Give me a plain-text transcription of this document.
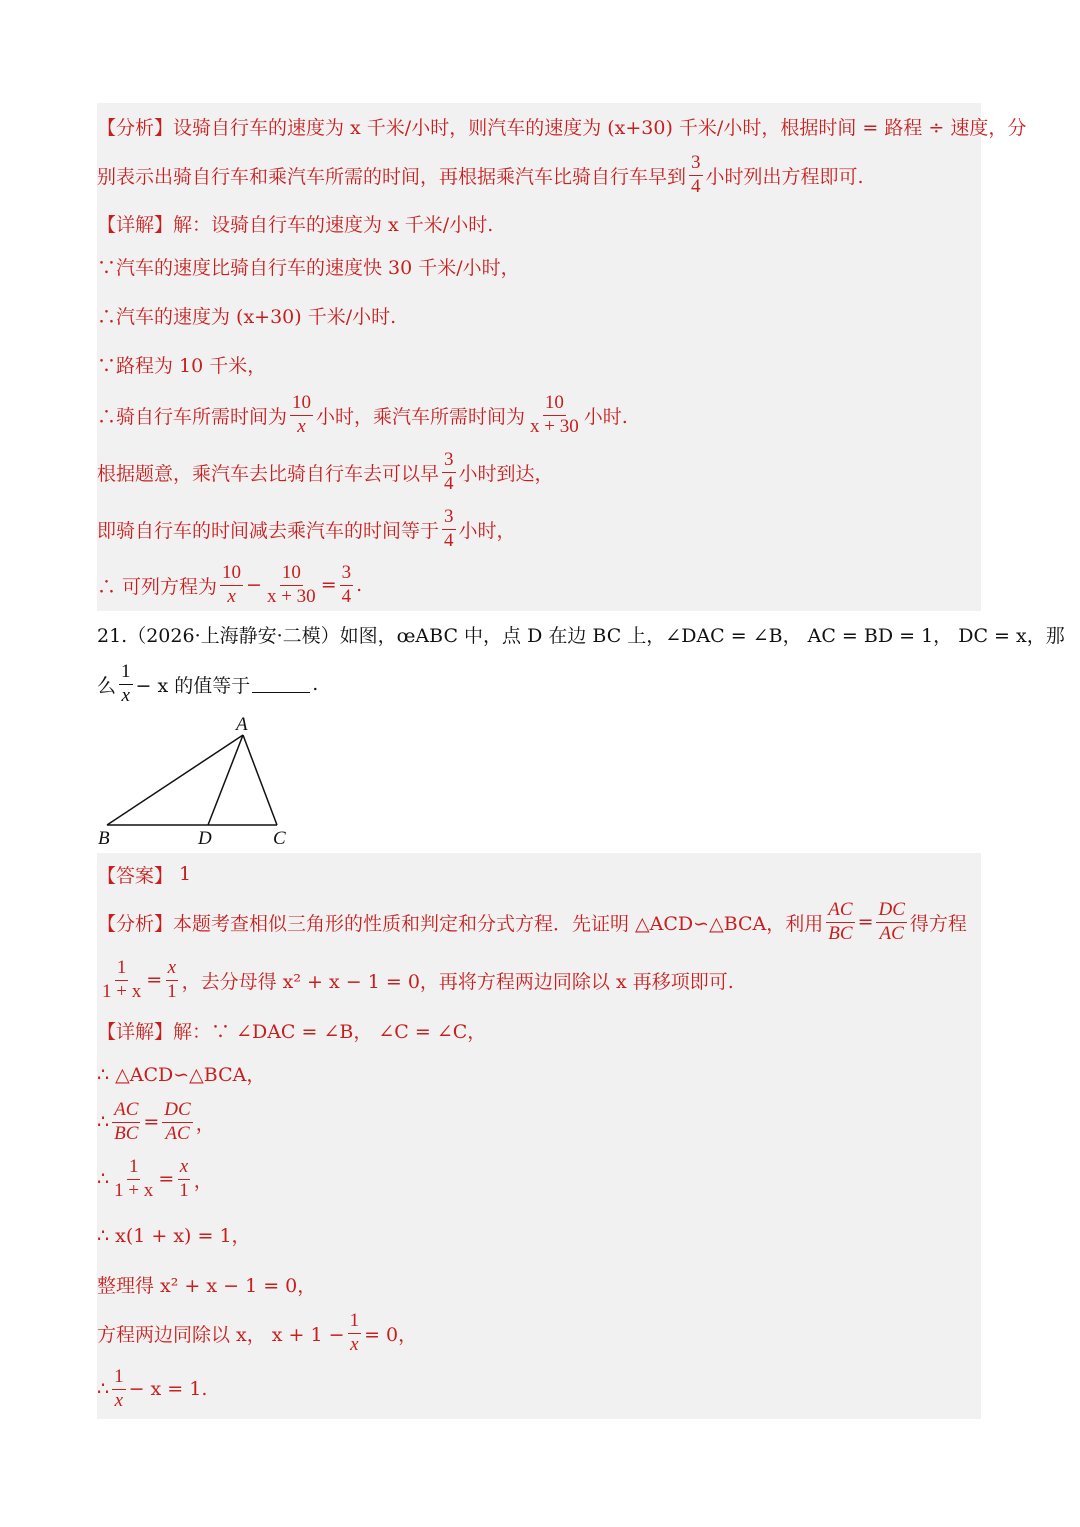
【分析】 设骑自行车的速度为 x 千米/小时，则汽车的速度为 (x+30) 千米/小时，根据时间 = 路程 ÷ 速度，分
别表示出骑自行车和乘汽车所需的时间，再根据乘汽车比骑自行车早到 $\frac{3}{4}$ 小时列出方程即可.
【详解】 解：设骑自行车的速度为 x 千米/小时.
∵汽车的速度比骑自行车的速度快 30 千米/小时，
∴汽车的速度为 (x+30) 千米/小时.
∵路程为 10 千米，
∴骑自行车所需时间为 $\frac{10}{x}$ 小时，乘汽车所需时间为 $\frac{10}{x + 30}$ 小时.
根据题意，乘汽车去比骑自行车去可以早 $\frac{3}{4}$ 小时到达，
即骑自行车的时间减去乘汽车的时间等于 $\frac{3}{4}$ 小时，
∴ 可列方程为 $\frac{10}{x} - \frac{10}{x + 30} = \frac{3}{4}$ .
21.（2026·上海静安·二模）如图，œABC 中，点 D 在边 BC 上，∠DAC = ∠B， AC = BD = 1， DC = x，那
么 $\frac{1}{x} - x$ 的值等于	.
A
B	D	C
【答案】 1
【分析】 本题考查相似三角形的性质和判定和分式方程．先证明 △ACD∽△BCA，利用 $\frac{AC}{BC} = \frac{DC}{AC}$ 得方程
$\frac{1}{1 + x} = \frac{x}{1}$ ，去分母得 x² + x − 1 = 0，再将方程两边同除以 x 再移项即可.
【详解】 解：∵ ∠DAC = ∠B， ∠C = ∠C，
∴ △ACD∽△BCA，
∴ $\frac{AC}{BC} = \frac{DC}{AC}$ ，
∴ $\frac{1}{1 + x} = \frac{x}{1}$ ，
∴ x(1 + x) = 1，
整理得 x² + x − 1 = 0，
方程两边同除以 x， $x + 1 - \frac{1}{x} = 0$，
∴ $\frac{1}{x} - x = 1$.
